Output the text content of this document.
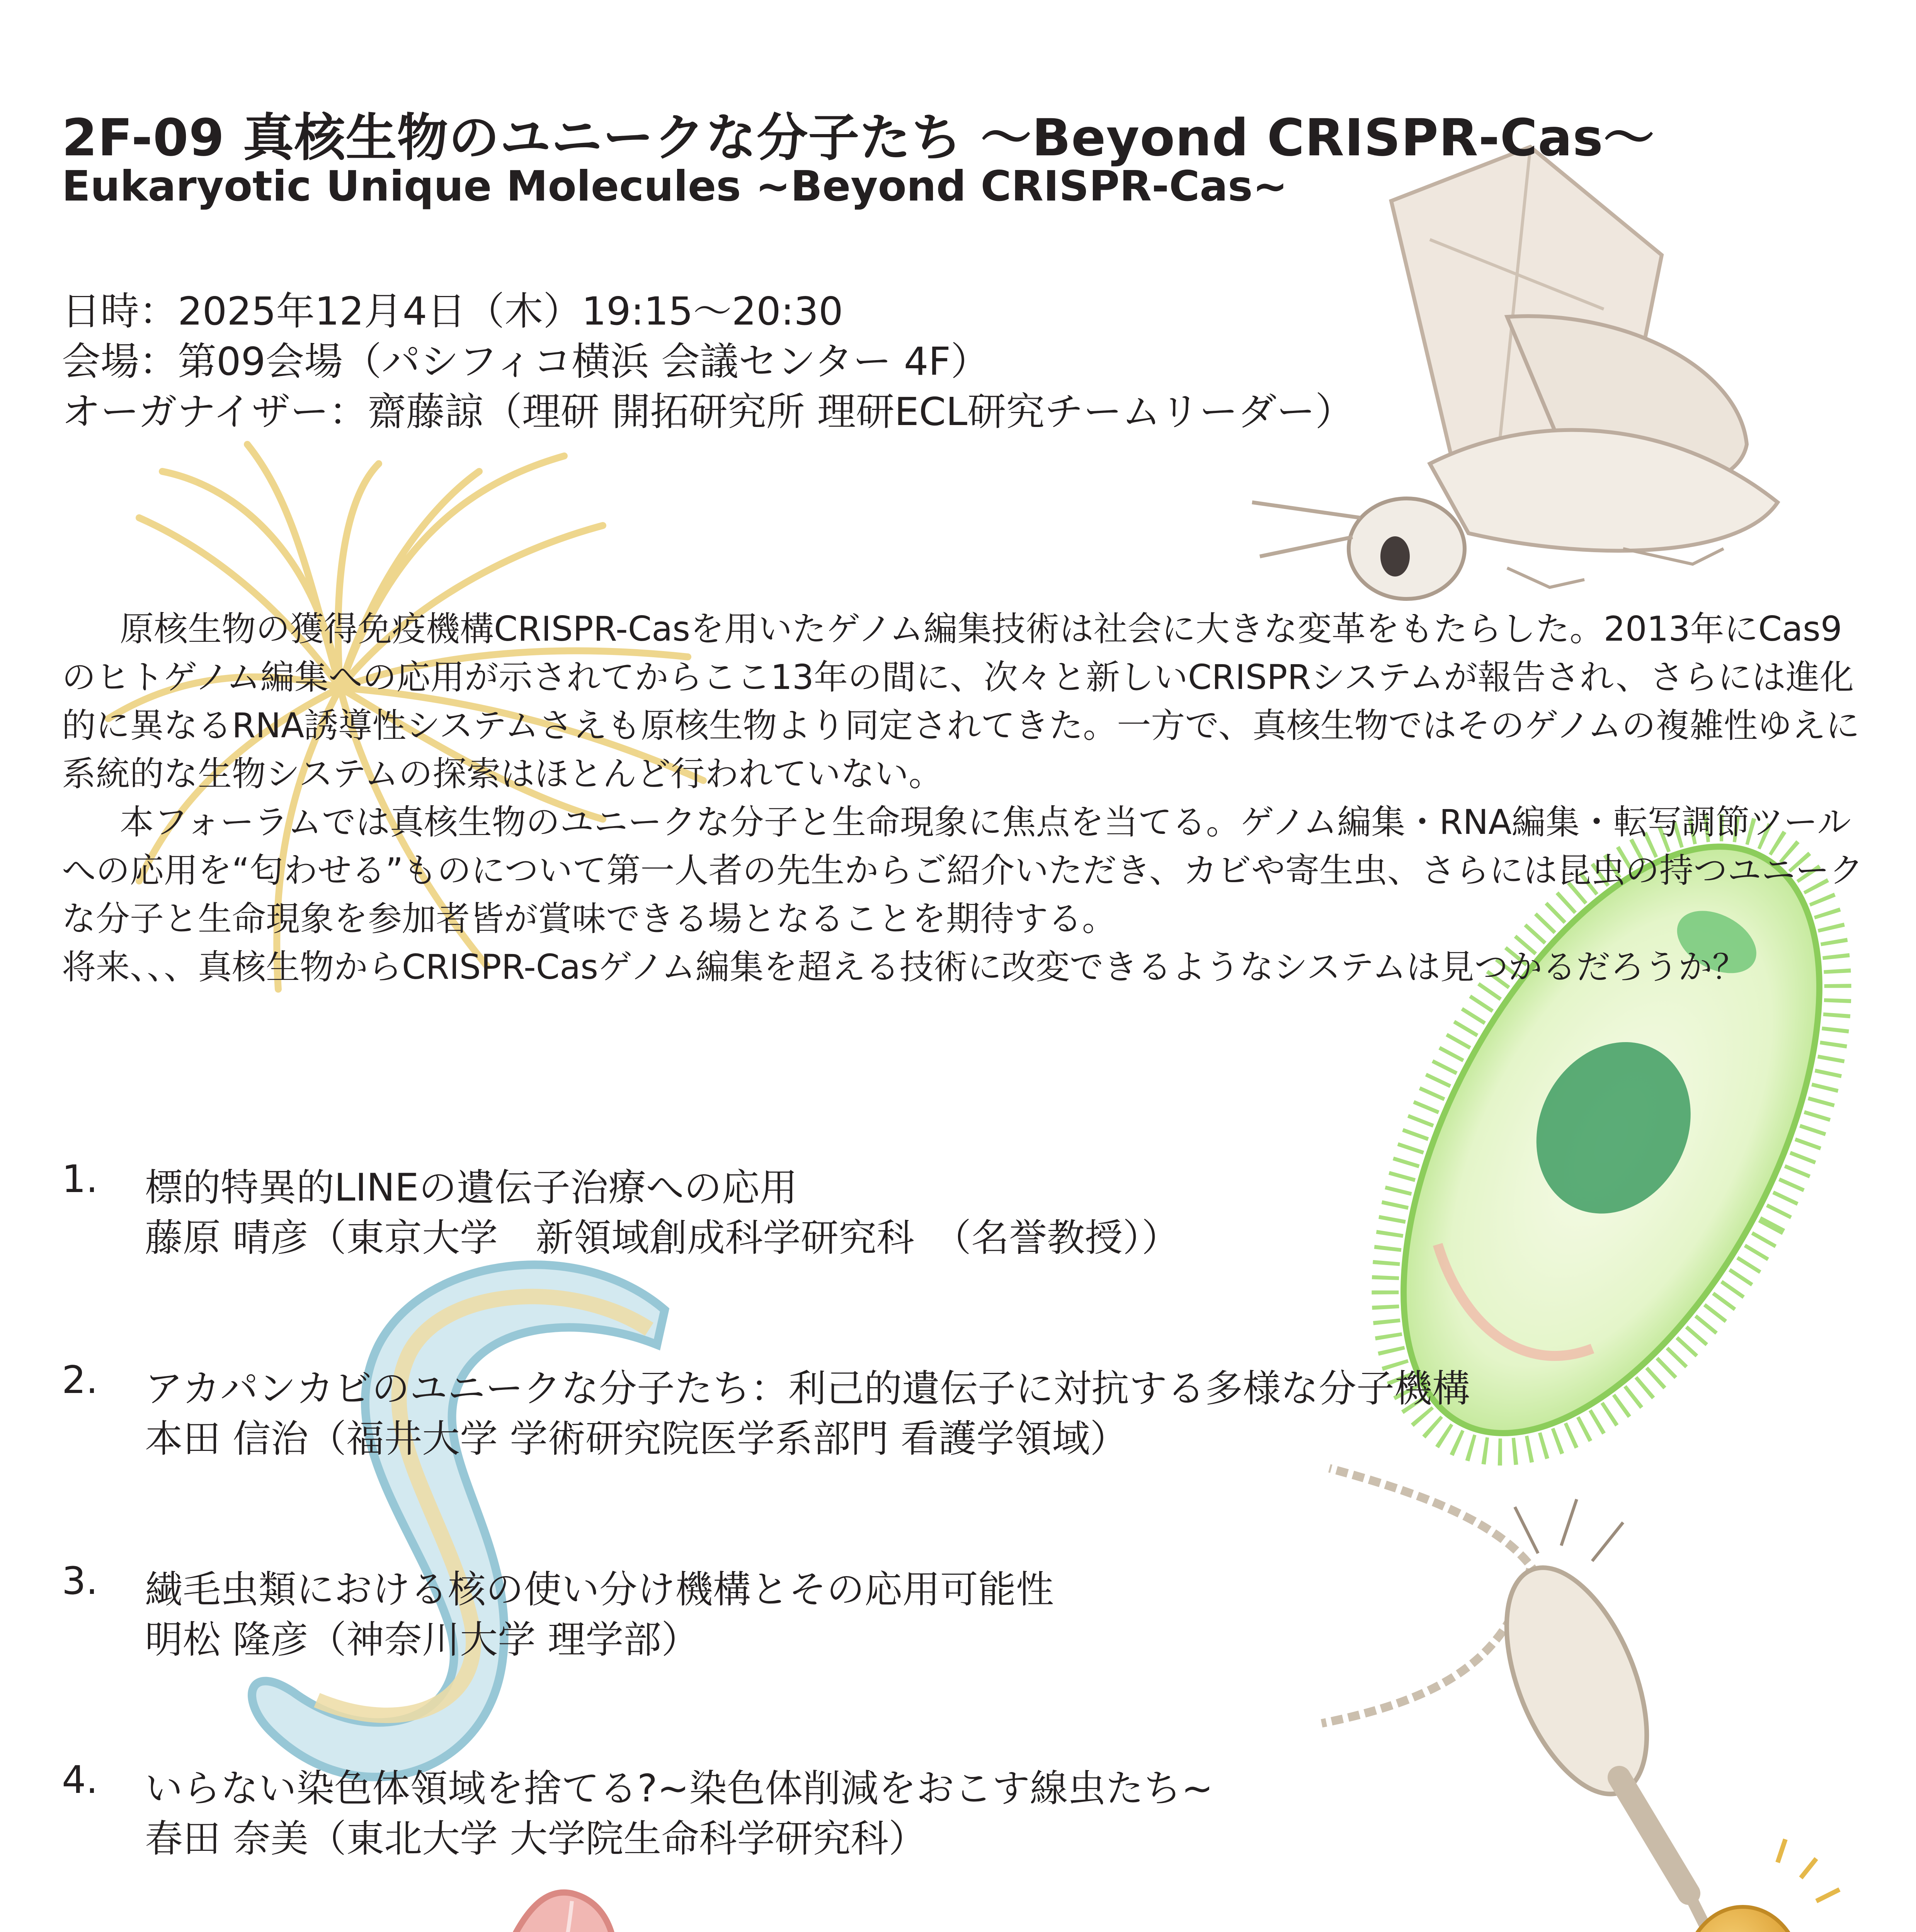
2F-09 真核生物のユニークな分子たち 〜Beyond CRISPR-Cas〜
Eukaryotic Unique Molecules ~Beyond CRISPR-Cas~
日時：2025年12月4日（木）19:15〜20:30
会場：第09会場（パシフィコ横浜 会議センター 4F）
オーガナイザー：齋藤諒（理研 開拓研究所 理研ECL研究チームリーダー）

原核生物の獲得免疫機構CRISPR-Casを用いたゲノム編集技術は社会に大きな変革をもたらした。2013年にCas9のヒトゲノム編集への応用が示されてからここ13年の間に、次々と新しいCRISPRシステムが報告され、さらには進化的に異なるRNA誘導性システムさえも原核生物より同定されてきた。一方で、真核生物ではそのゲノムの複雑性ゆえに系統的な生物システムの探索はほとんど行われていない。

本フォーラムでは真核生物のユニークな分子と生命現象に焦点を当てる。ゲノム編集・RNA編集・転写調節ツールへの応用を“匂わせる”ものについて第一人者の先生からご紹介いただき、カビや寄生虫、さらには昆虫の持つユニークな分子と生命現象を参加者皆が賞味できる場となることを期待する。

将来、、、真核生物からCRISPR-Casゲノム編集を超える技術に改変できるようなシステムは見つかるだろうか？

1. 標的特異的LINEの遺伝子治療への応用
藤原 晴彦（東京大学　新領域創成科学研究科　（名誉教授））
2. アカパンカビのユニークな分子たち：利己的遺伝子に対抗する多様な分子機構
本田 信治（福井大学 学術研究院医学系部門 看護学領域）
3. 繊毛虫類における核の使い分け機構とその応用可能性
明松 隆彦（神奈川大学 理学部）
4. いらない染色体領域を捨てる?~染色体削減をおこす線虫たち~
春田 奈美（東北大学 大学院生命科学研究科）
